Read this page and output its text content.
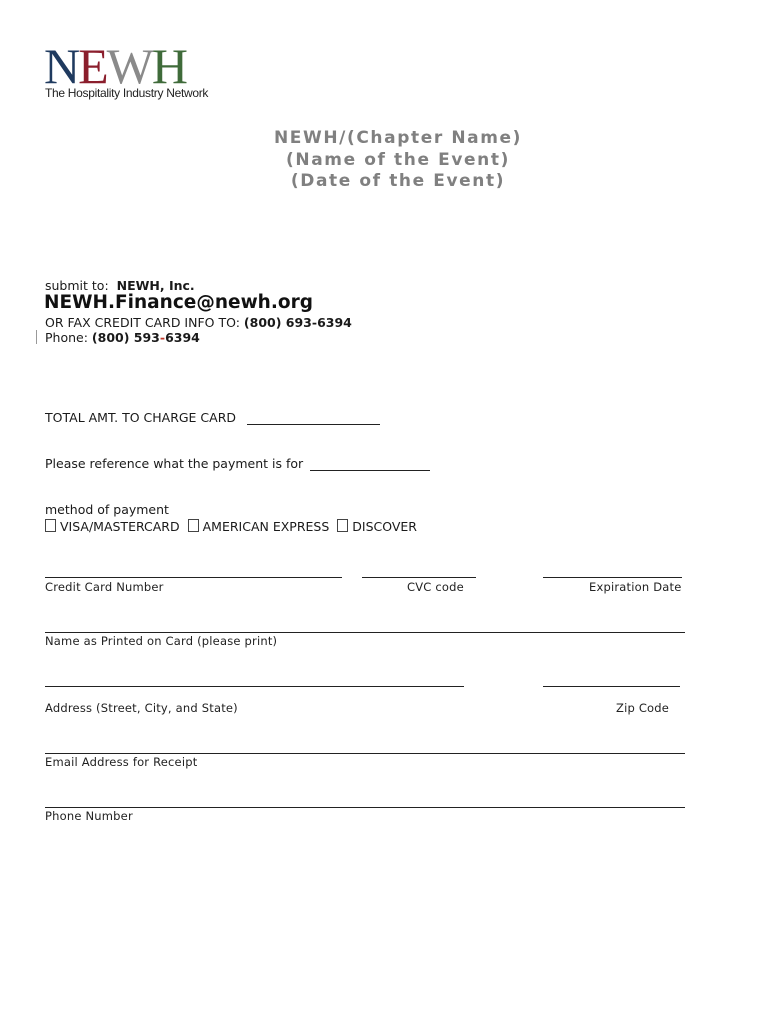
NEWH
The Hospitality Industry Network
NEWH/(Chapter Name)
(Name of the Event)
(Date of the Event)
submit to: NEWH, Inc.
NEWH.Finance@newh.org
OR FAX CREDIT CARD INFO TO: (800) 693-6394
Phone: (800) 593-6394
TOTAL AMT. TO CHARGE CARD
Please reference what the payment is for
method of payment
VISA/MASTERCARD AMERICAN EXPRESS DISCOVER
Credit Card Number	CVC code	Expiration Date
Name as Printed on Card (please print)
Address (Street, City, and State)	Zip Code
Email Address for Receipt
Phone Number
